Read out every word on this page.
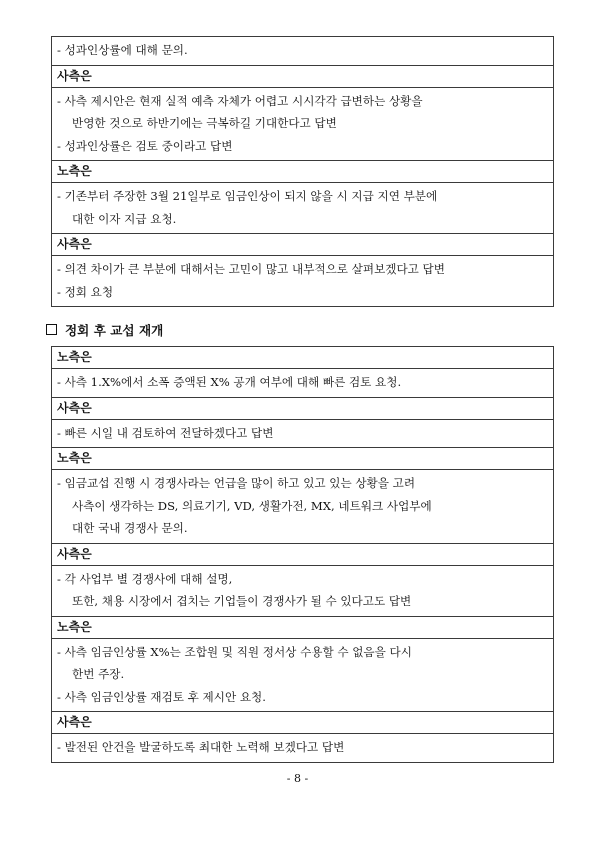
- 성과인상률에 대해 문의.

사측은

- 사측 제시안은 현재 실적 예측 자체가 어렵고 시시각각 급변하는 상황을
반영한 것으로 하반기에는 극복하길 기대한다고 답변
- 성과인상률은 검토 중이라고 답변

노측은

- 기존부터 주장한 3월 21일부로 임금인상이 되지 않을 시 지급 지연 부분에
대한 이자 지급 요청.

사측은

- 의견 차이가 큰 부분에 대해서는 고민이 많고 내부적으로 살펴보겠다고 답변
- 정회 요청
정회 후 교섭 재개
노측은

- 사측 1.X%에서 소폭 증액된 X% 공개 여부에 대해 빠른 검토 요청.

사측은

- 빠른 시일 내 검토하여 전달하겠다고 답변

노측은

- 임금교섭 진행 시 경쟁사라는 언급을 많이 하고 있고 있는 상황을 고려
사측이 생각하는 DS, 의료기기, VD, 생활가전, MX, 네트워크 사업부에
대한 국내 경쟁사 문의.

사측은

- 각 사업부 별 경쟁사에 대해 설명,
또한, 채용 시장에서 겹치는 기업들이 경쟁사가 될 수 있다고도 답변

노측은

- 사측 임금인상률 X%는 조합원 및 직원 정서상 수용할 수 없음을 다시
한번 주장.
- 사측 임금인상률 재검토 후 제시안 요청.

사측은

- 발전된 안건을 발굴하도록 최대한 노력해 보겠다고 답변
- 8 -
